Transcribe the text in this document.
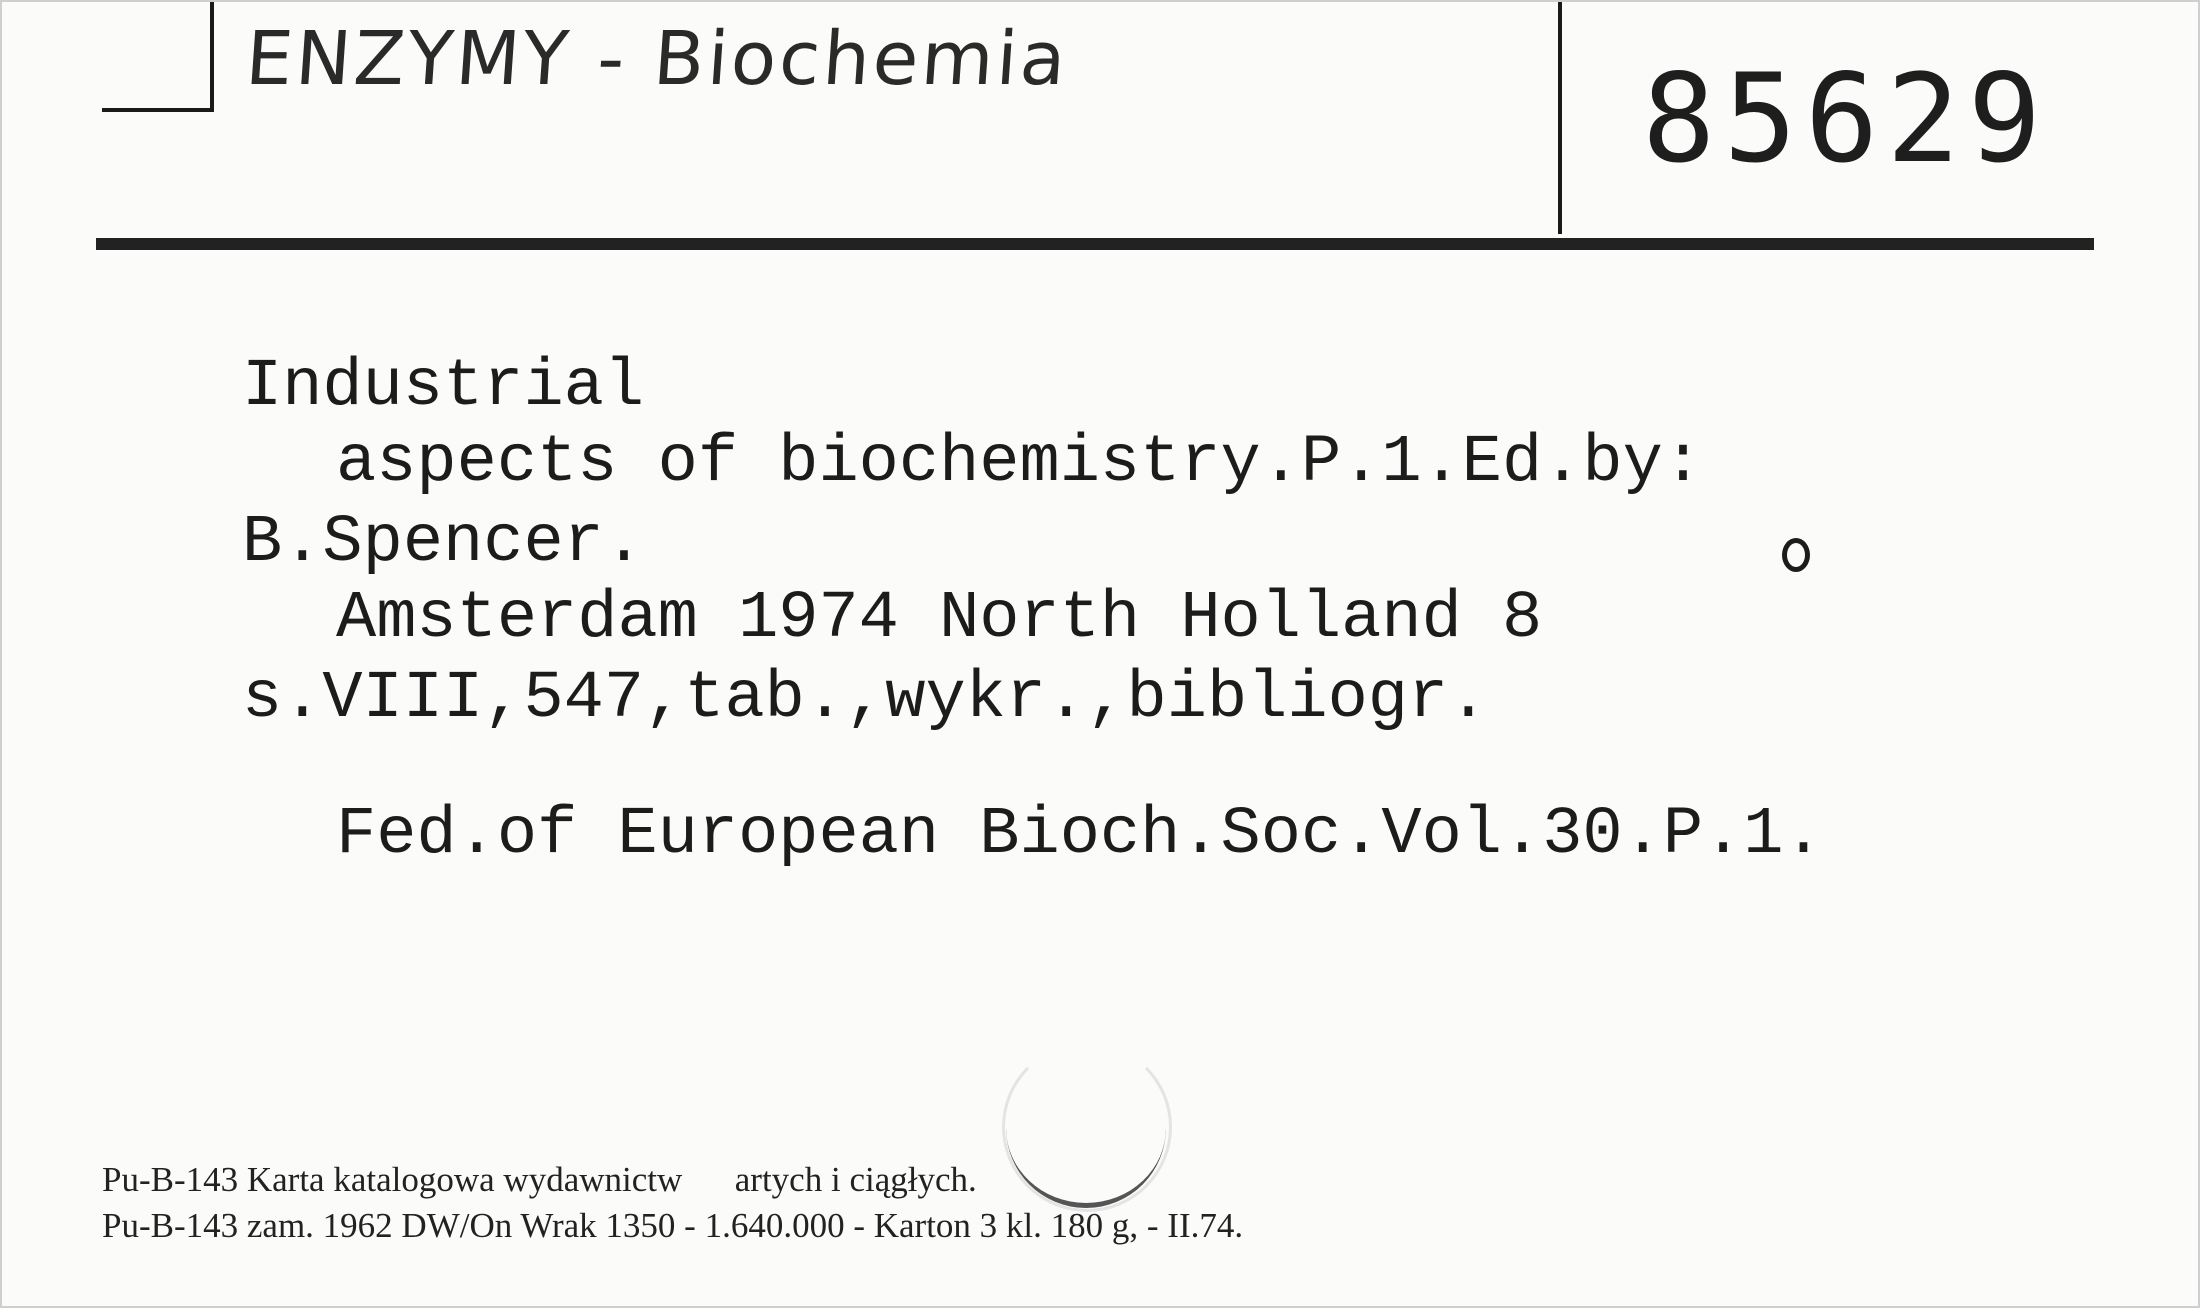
ENZYMY - Biochemia	85629
Industrial
aspects of biochemistry.P.1.Ed.by:
B.Spencer.
Amsterdam 1974 North Holland 8
s.VIII,547,tab.,wykr.,bibliogr.
Fed.of European Bioch.Soc.Vol.30.P.1.
Pu-B-143 Karta katalogowa wydawnictw      artych i ciągłych.
Pu-B-143 zam. 1962 DW/On Wrak 1350 - 1.640.000 - Karton 3 kl. 180 g, - II.74.
